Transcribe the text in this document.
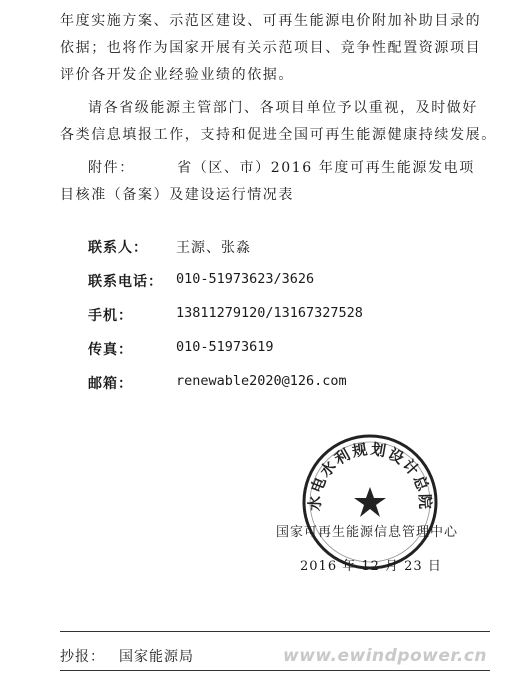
年度实施方案、示范区建设、可再生能源电价附加补助目录的
依据；也将作为国家开展有关示范项目、竞争性配置资源项目
评价各开发企业经验业绩的依据。
请各省级能源主管部门、各项目单位予以重视，及时做好
各类信息填报工作，支持和促进全国可再生能源健康持续发展。
附件：       省（区、市）2016 年度可再生能源发电项
目核准（备案）及建设运行情况表
联系人：	王源、张淼
联系电话： 010-51973623/3626
手机：	13811279120/13167327528
传真：	010-51973619
邮箱：	renewable2020@126.com
水电水利规划设计总院
国家可再生能源信息管理中心
2016 年 12 月 23 日
抄报： 国家能源局	www.ewindpower.cn
